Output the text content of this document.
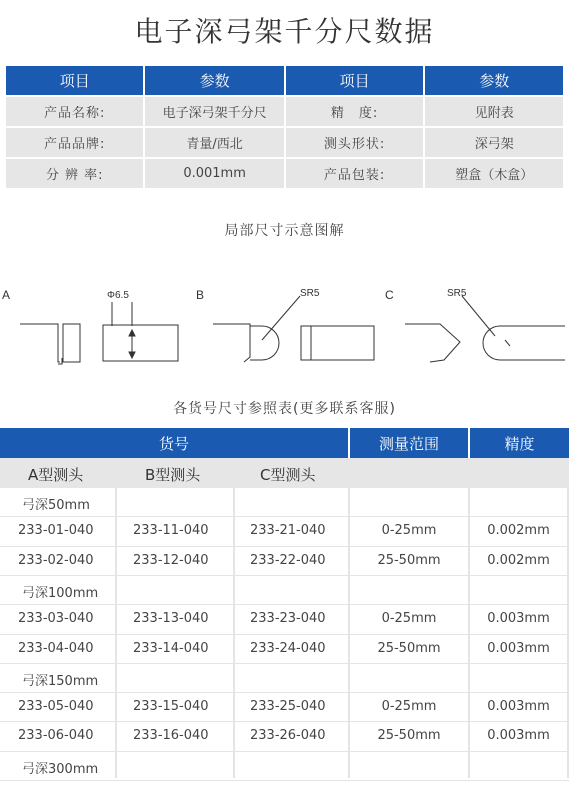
电子深弓架千分尺数据
项目	参数	项目	参数
产品名称:	电子深弓架千分尺	精　度:	见附表
产品品牌:	青量/西北	测头形状:	深弓架
分 辨 率:	0.001mm	产品包装:	塑盒（木盒）
局部尺寸示意图解
A	Φ6.5	B	SR5	C	SR5
各货号尺寸参照表(更多联系客服)
货号	测量范围	精度
A型测头	B型测头	C型测头
弓深50mm
233-01-040	233-11-040	233-21-040	0-25mm	0.002mm
233-02-040	233-12-040	233-22-040	25-50mm	0.002mm
弓深100mm
233-03-040	233-13-040	233-23-040	0-25mm	0.003mm
233-04-040	233-14-040	233-24-040	25-50mm	0.003mm
弓深150mm
233-05-040	233-15-040	233-25-040	0-25mm	0.003mm
233-06-040	233-16-040	233-26-040	25-50mm	0.003mm
弓深300mm
